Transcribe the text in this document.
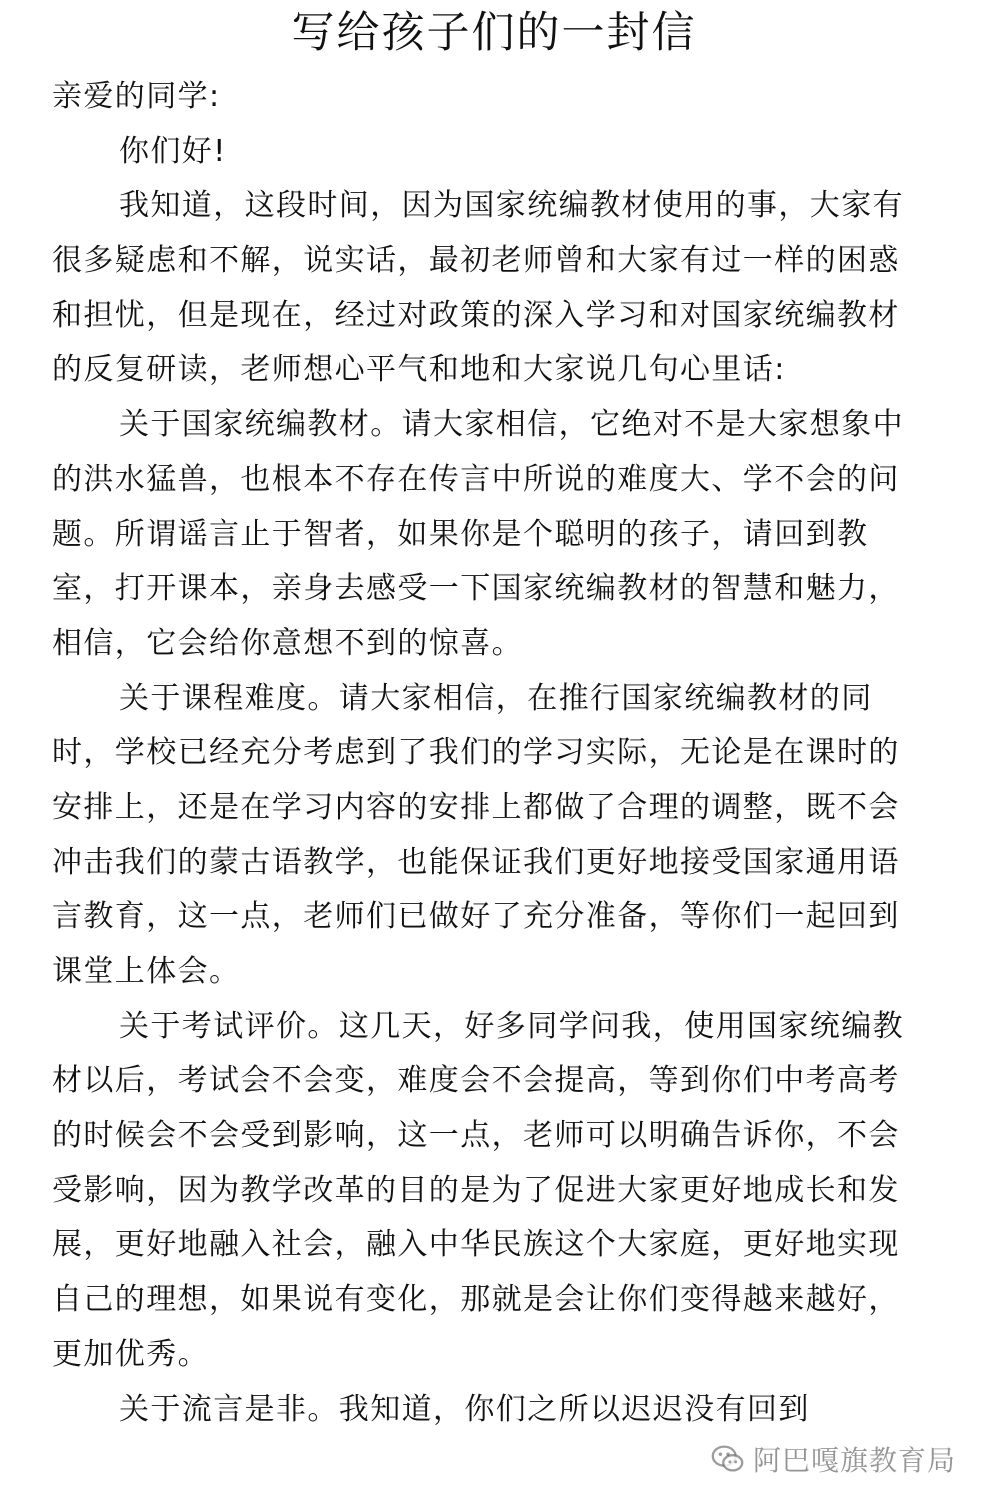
写给孩子们的一封信
亲爱的同学:
你们好!
我知道，这段时间，因为国家统编教材使用的事，大家有
很多疑虑和不解，说实话，最初老师曾和大家有过一样的困惑
和担忧，但是现在，经过对政策的深入学习和对国家统编教材
的反复研读，老师想心平气和地和大家说几句心里话:
关于国家统编教材。请大家相信，它绝对不是大家想象中
的洪水猛兽，也根本不存在传言中所说的难度大、学不会的问
题。所谓谣言止于智者，如果你是个聪明的孩子，请回到教
室，打开课本，亲身去感受一下国家统编教材的智慧和魅力，
相信，它会给你意想不到的惊喜。
关于课程难度。请大家相信，在推行国家统编教材的同
时，学校已经充分考虑到了我们的学习实际，无论是在课时的
安排上，还是在学习内容的安排上都做了合理的调整，既不会
冲击我们的蒙古语教学，也能保证我们更好地接受国家通用语
言教育，这一点，老师们已做好了充分准备，等你们一起回到
课堂上体会。
关于考试评价。这几天，好多同学问我，使用国家统编教
材以后，考试会不会变，难度会不会提高，等到你们中考高考
的时候会不会受到影响，这一点，老师可以明确告诉你，不会
受影响，因为教学改革的目的是为了促进大家更好地成长和发
展，更好地融入社会，融入中华民族这个大家庭，更好地实现
自己的理想，如果说有变化，那就是会让你们变得越来越好，
更加优秀。
关于流言是非。我知道，你们之所以迟迟没有回到
阿巴嘎旗教育局
